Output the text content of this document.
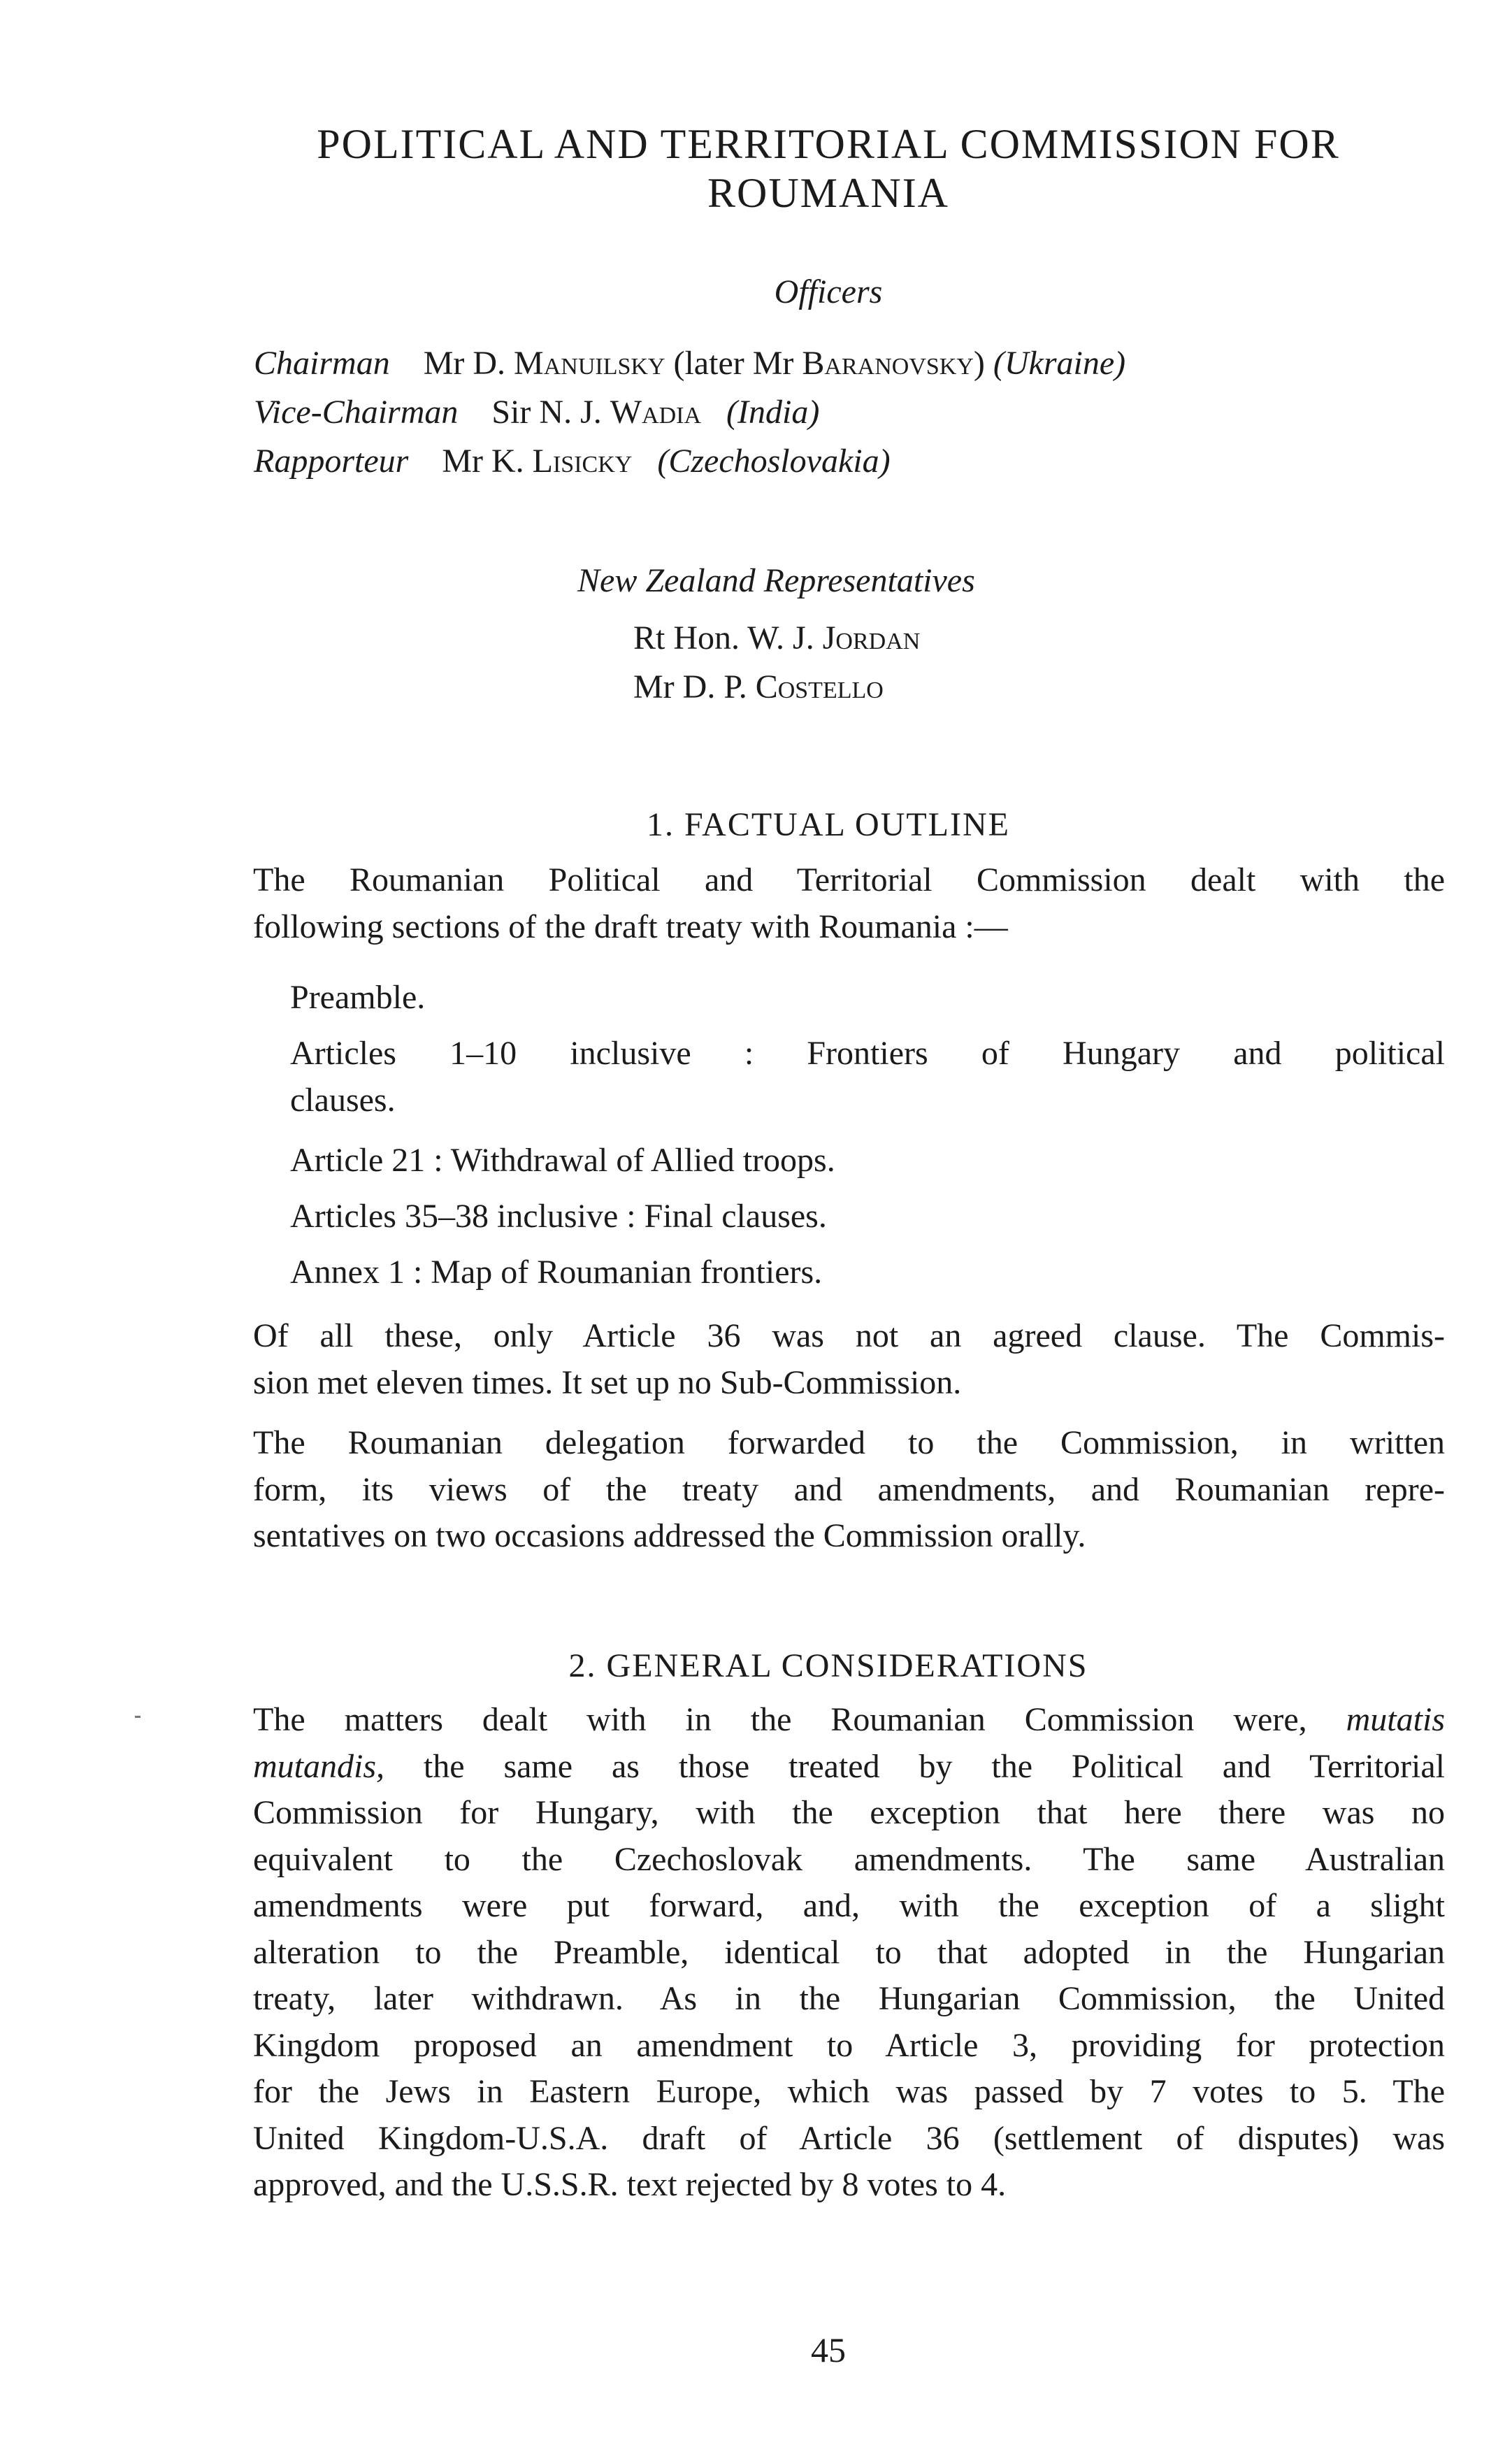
POLITICAL AND TERRITORIAL COMMISSION FOR
ROUMANIA
Officers
Chairman Mr D. Manuilsky (later Mr Baranovsky) (Ukraine)
Vice-Chairman Sir N. J. Wadia (India)
Rapporteur Mr K. Lisicky (Czechoslovakia)
New Zealand Representatives
Rt Hon. W. J. Jordan
Mr D. P. Costello
1. FACTUAL OUTLINE
The Roumanian Political and Territorial Commission dealt with the
following sections of the draft treaty with Roumania :—
Preamble.
Articles 1–10 inclusive : Frontiers of Hungary and political
clauses.
Article 21 : Withdrawal of Allied troops.
Articles 35–38 inclusive : Final clauses.
Annex 1 : Map of Roumanian frontiers.
Of all these, only Article 36 was not an agreed clause. The Commis-
sion met eleven times. It set up no Sub-Commission.
The Roumanian delegation forwarded to the Commission, in written
form, its views of the treaty and amendments, and Roumanian repre-
sentatives on two occasions addressed the Commission orally.
2. GENERAL CONSIDERATIONS
The matters dealt with in the Roumanian Commission were, mutatis
mutandis, the same as those treated by the Political and Territorial
Commission for Hungary, with the exception that here there was no
equivalent to the Czechoslovak amendments. The same Australian
amendments were put forward, and, with the exception of a slight
alteration to the Preamble, identical to that adopted in the Hungarian
treaty, later withdrawn. As in the Hungarian Commission, the United
Kingdom proposed an amendment to Article 3, providing for protection
for the Jews in Eastern Europe, which was passed by 7 votes to 5. The
United Kingdom-U.S.A. draft of Article 36 (settlement of disputes) was
approved, and the U.S.S.R. text rejected by 8 votes to 4.
45
